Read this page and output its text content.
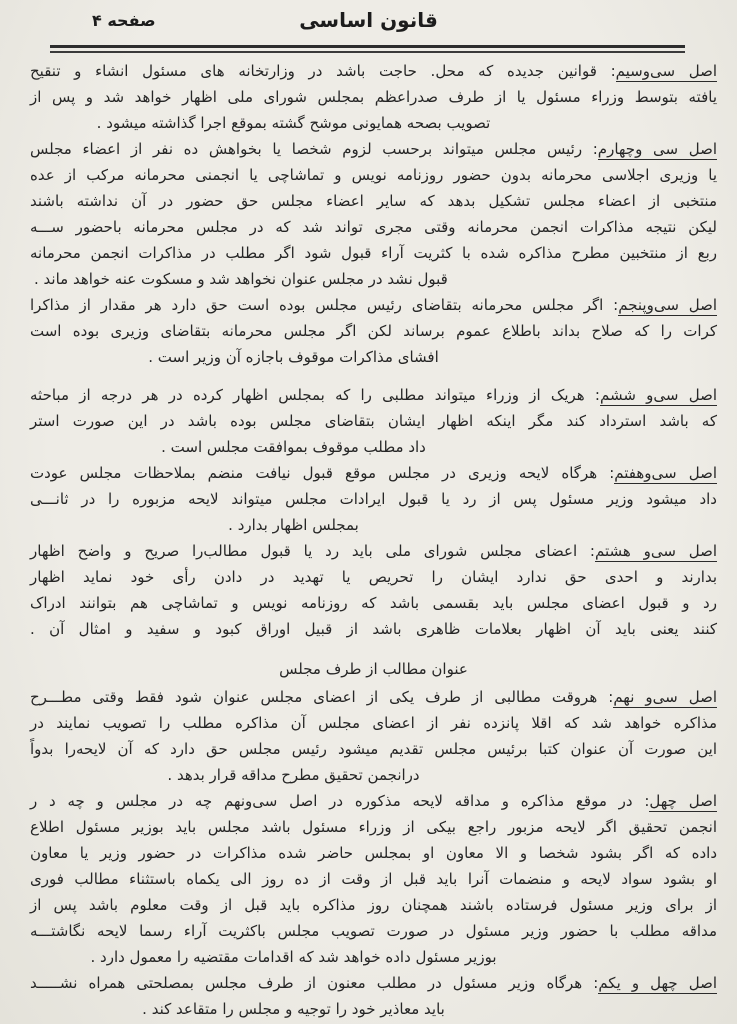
صفحه ۴	قانون اساسی
اصل سی‌وسیم: قوانین جدیده که محل. حاجت باشد در وزارتخانه های مسئول انشاء و تنقیح
یافته بتوسط وزراء مسئول یا از طرف صدراعظم بمجلس شورای ملی اظهار خواهد شد و پس از
تصویب بصحه همایونی موشح گشته بموقع اجرا گذاشته میشود .
اصل سی وچهارم: رئیس مجلس میتواند برحسب لزوم شخصا یا بخواهش ده نفر از اعضاء مجلس
یا وزیری اجلاسی محرمانه بدون حضور روزنامه نویس و تماشاچی یا انجمنی محرمانه مرکب از عده
منتخبی از اعضاء مجلس تشکیل بدهد که سایر اعضاء مجلس حق حضور در آن نداشته باشند
لیکن نتیجه مذاکرات انجمن محرمانه وقتی مجری تواند شد که در مجلس محرمانه باحضور ســـه
ربع از منتخبین مطرح مذاکره شده با کثریت آراء قبول شود اگر مطلب در مذاکرات انجمن محرمانه
قبول نشد در مجلس عنوان نخواهد شد و مسکوت عنه خواهد ماند .
اصل سی‌وپنجم: اگر مجلس محرمانه بتقاضای رئیس مجلس بوده است حق دارد هر مقدار از مذاکرا
کرات را که صلاح بداند باطلاع عموم برساند لکن اگر مجلس محرمانه بتقاضای وزیری بوده است
افشای مذاکرات موقوف باجازه آن وزیر است .
اصل سی‌و ششم: هریک از وزراء میتواند مطلبی را که بمجلس اظهار کرده در هر درجه از مباحثه
که باشد استرداد کند مگر اینکه اظهار ایشان بتقاضای مجلس بوده باشد در این صورت استر
داد مطلب موقوف بموافقت مجلس است .
اصل سی‌وهفتم: هرگاه لایحه وزیری در مجلس موقع قبول نیافت منضم بملاحظات مجلس عودت
داد میشود وزیر مسئول پس از رد یا قبول ایرادات مجلس میتواند لایحه مزبوره را در ثانـــی
بمجلس اظهار بدارد .
اصل سی‌و هشتم: اعضای مجلس شورای ملی باید رد یا قبول مطالب‌را صریح و واضح اظهار
بدارند و احدی حق ندارد ایشان را تحریص یا تهدید در دادن رأی خود نماید اظهار
رد و قبول اعضای مجلس باید بقسمی باشد که روزنامه نویس و تماشاچی هم بتوانند ادراک
کنند یعنی باید آن اظهار بعلامات ظاهری باشد از قبیل اوراق کبود و سفید و امثال آن .
عنوان مطالب از طرف مجلس
اصل سی‌و نهم: هروقت مطالبی از طرف یکی از اعضای مجلس عنوان شود فقط وقتی مطـــرح
مذاکره خواهد شد که اقلا پانزده نفر از اعضای مجلس آن مذاکره مطلب را تصویب نمایند در
این صورت آن عنوان کتبا برئیس مجلس تقدیم میشود رئیس مجلس حق دارد که آن لایحه‌را بدواً
درانجمن تحقیق مطرح مداقه قرار بدهد .
اصل چهل: در موقع مذاکره و مداقه لایحه مذکوره در اصل سی‌ونهم چه در مجلس و چه د ر
انجمن تحقیق اگر لایحه مزبور راجع بیکی از وزراء مسئول باشد مجلس باید بوزیر مسئول اطلاع
داده که اگر بشود شخصا و الا معاون او بمجلس حاضر شده مذاکرات در حضور وزیر یا معاون
او بشود سواد لایحه و منضمات آنرا باید قبل از وقت از ده روز الی یکماه باستثناء مطالب فوری
از برای وزیر مسئول فرستاده باشند همچنان روز مذاکره باید قبل از وقت معلوم باشد پس از
مداقه مطلب با حضور وزیر مسئول در صورت تصویب مجلس باکثریت آراء رسما لایحه نگاشتـــه
بوزیر مسئول داده خواهد شد که اقدامات مقتضیه را معمول دارد .
اصل چهل و یکم: هرگاه وزیر مسئول در مطلب معنون از طرف مجلس بمصلحتی همراه نشـــــد
باید معاذیر خود را توجیه و مجلس را متقاعد کند .
